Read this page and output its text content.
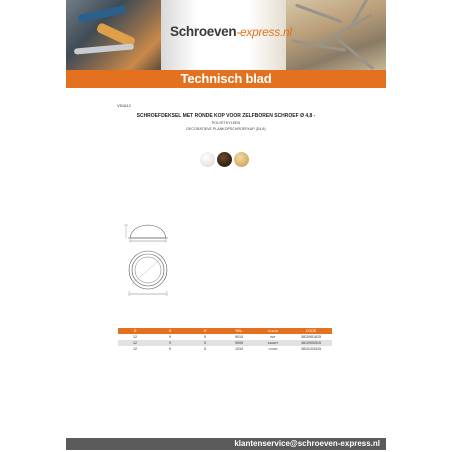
Schroeven-express.nl
Technisch blad
V51612
SCHROEFDEKSEL MET RONDE KOP VOOR ZELFBOREN SCHROEF Ø 4,8 -
POLYETHYLEEN
DECORATIEVE PLANKOPSCHROEFKAP (D4.8)
D	H	H	RAL	KLEUR	CODE
12	9	5	9010	WIT	3810901815
12	9	5	9005	ZWART	3810900515
12	9	5	1034	VOOR	3810103415
klantenservice@schroeven-express.nl
